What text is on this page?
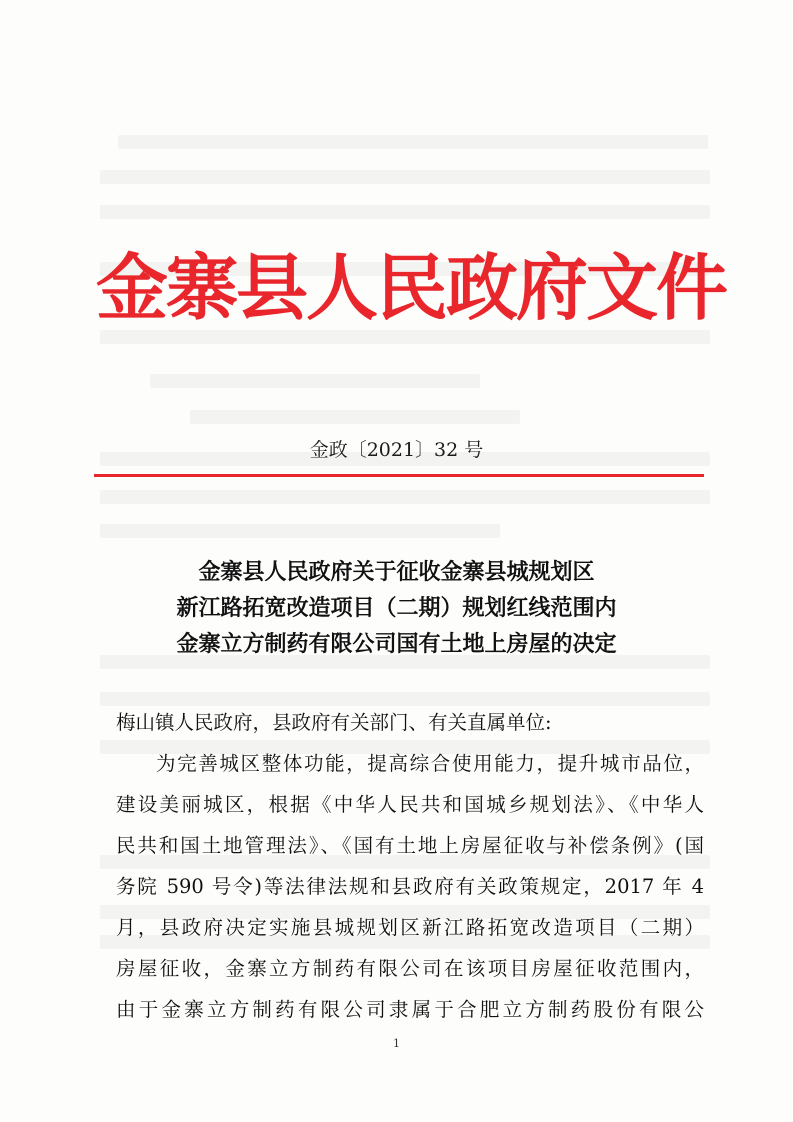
金寨县人民政府文件
金政〔2021〕32 号
金寨县人民政府关于征收金寨县城规划区
新江路拓宽改造项目（二期）规划红线范围内
金寨立方制药有限公司国有土地上房屋的决定
梅山镇人民政府，县政府有关部门、有关直属单位:
为完善城区整体功能，提高综合使用能力，提升城市品位，
建设美丽城区，根据《中华人民共和国城乡规划法》、《中华人
民共和国土地管理法》、《国有土地上房屋征收与补偿条例》(国
务院 590 号令)等法律法规和县政府有关政策规定，2017 年 4
月，县政府决定实施县城规划区新江路拓宽改造项目（二期）
房屋征收，金寨立方制药有限公司在该项目房屋征收范围内，
由于金寨立方制药有限公司隶属于合肥立方制药股份有限公
1
